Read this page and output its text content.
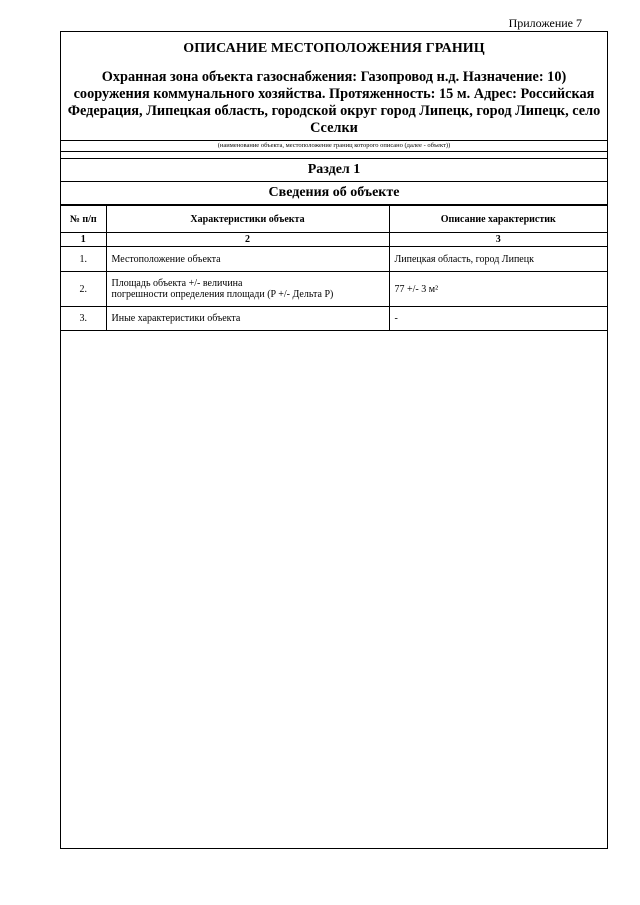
Приложение 7
ОПИСАНИЕ МЕСТОПОЛОЖЕНИЯ ГРАНИЦ
Охранная зона объекта газоснабжения: Газопровод н.д. Назначение: 10)
сооружения коммунального хозяйства. Протяженность: 15 м. Адрес: Российская
Федерация, Липецкая область, городской округ город Липецк, город Липецк, село
Сселки
(наименование объекта, местоположение границ которого описано (далее - объект))
Раздел 1
Сведения об объекте
№ п/п	Характеристики объекта	Описание характеристик
1	2	3
1.	Местоположение объекта	Липецкая область, город Липецк
2.	Площадь объекта +/- величина
погрешности определения площади (P +/- Дельта P)	77 +/- 3 м²
3.	Иные характеристики объекта	-
